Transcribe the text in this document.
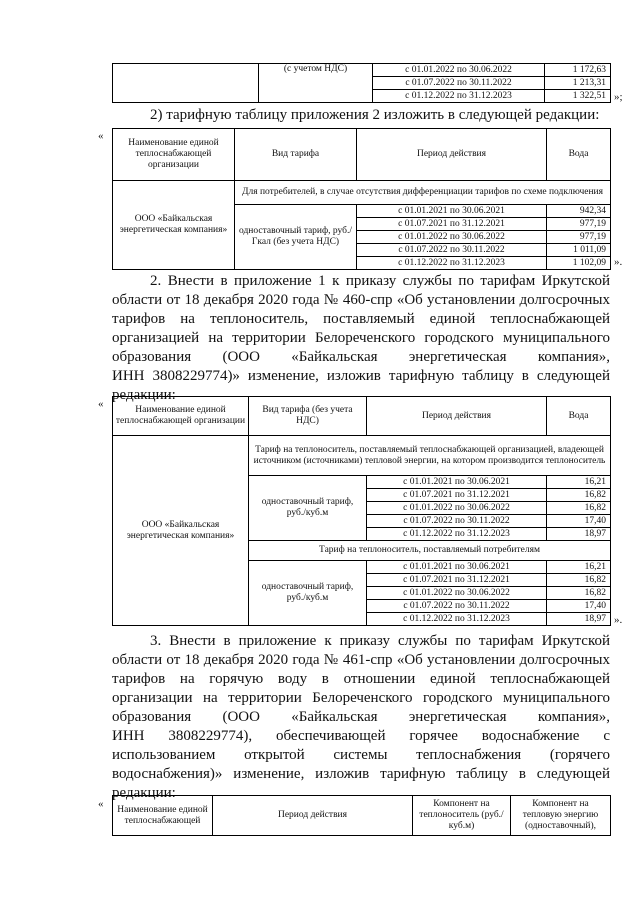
	(с учетом НДС)	с 01.01.2022 по 30.06.2022	1 172,63
		с 01.07.2022 по 30.11.2022	1 213,31
		с 01.12.2022 по 31.12.2023	1 322,51 »;
2) тарифную таблицу приложения 2 изложить в следующей редакции:
«
Наименование единой теплоснабжающей организации	Вид тарифа	Период действия	Вода
ООО «Байкальская энергетическая компания»	Для потребителей, в случае отсутствия дифференциации тарифов по схеме подключения		
	одноставочный тариф, руб./Гкал (без учета НДС)	с 01.01.2021 по 30.06.2021	942,34
		с 01.07.2021 по 31.12.2021	977,19
		с 01.01.2022 по 30.06.2022	977,19
		с 01.07.2022 по 30.11.2022	1 011,09
		с 01.12.2022 по 31.12.2023	1 102,09 ».
2. Внести в приложение 1 к приказу службы по тарифам Иркутской
области от 18 декабря 2020 года № 460-спр «Об установлении долгосрочных
тарифов на теплоноситель, поставляемый единой теплоснабжающей
организацией на территории Белореченского городского муниципального
образования (ООО «Байкальская энергетическая компания»,
ИНН 3808229774)» изменение, изложив тарифную таблицу в следующей
редакции:
«
Наименование единой теплоснабжающей организации	Вид тарифа (без учета НДС)	Период действия	Вода
ООО «Байкальская энергетическая компания»	Тариф на теплоноситель, поставляемый теплоснабжающей организацией, владеющей источником (источниками) тепловой энергии, на котором производится теплоноситель		
	одноставочный тариф, руб./куб.м	с 01.01.2021 по 30.06.2021	16,21
		с 01.07.2021 по 31.12.2021	16,82
		с 01.01.2022 по 30.06.2022	16,82
		с 01.07.2022 по 30.11.2022	17,40
		с 01.12.2022 по 31.12.2023	18,97
	Тариф на теплоноситель, поставляемый потребителям		
	одноставочный тариф, руб./куб.м	с 01.01.2021 по 30.06.2021	16,21
		с 01.07.2021 по 31.12.2021	16,82
		с 01.01.2022 по 30.06.2022	16,82
		с 01.07.2022 по 30.11.2022	17,40
		с 01.12.2022 по 31.12.2023	18,97 ».
3. Внести в приложение к приказу службы по тарифам Иркутской
области от 18 декабря 2020 года № 461-спр «Об установлении долгосрочных
тарифов на горячую воду в отношении единой теплоснабжающей
организации на территории Белореченского городского муниципального
образования (ООО «Байкальская энергетическая компания»,
ИНН 3808229774), обеспечивающей горячее водоснабжение с
использованием открытой системы теплоснабжения (горячего
водоснабжения)» изменение, изложив тарифную таблицу в следующей
редакции:
« Наименование единой теплоснабжающей	Период действия	Компонент на теплоноситель (руб./куб.м)	Компонент на тепловую энергию (одноставочный),
